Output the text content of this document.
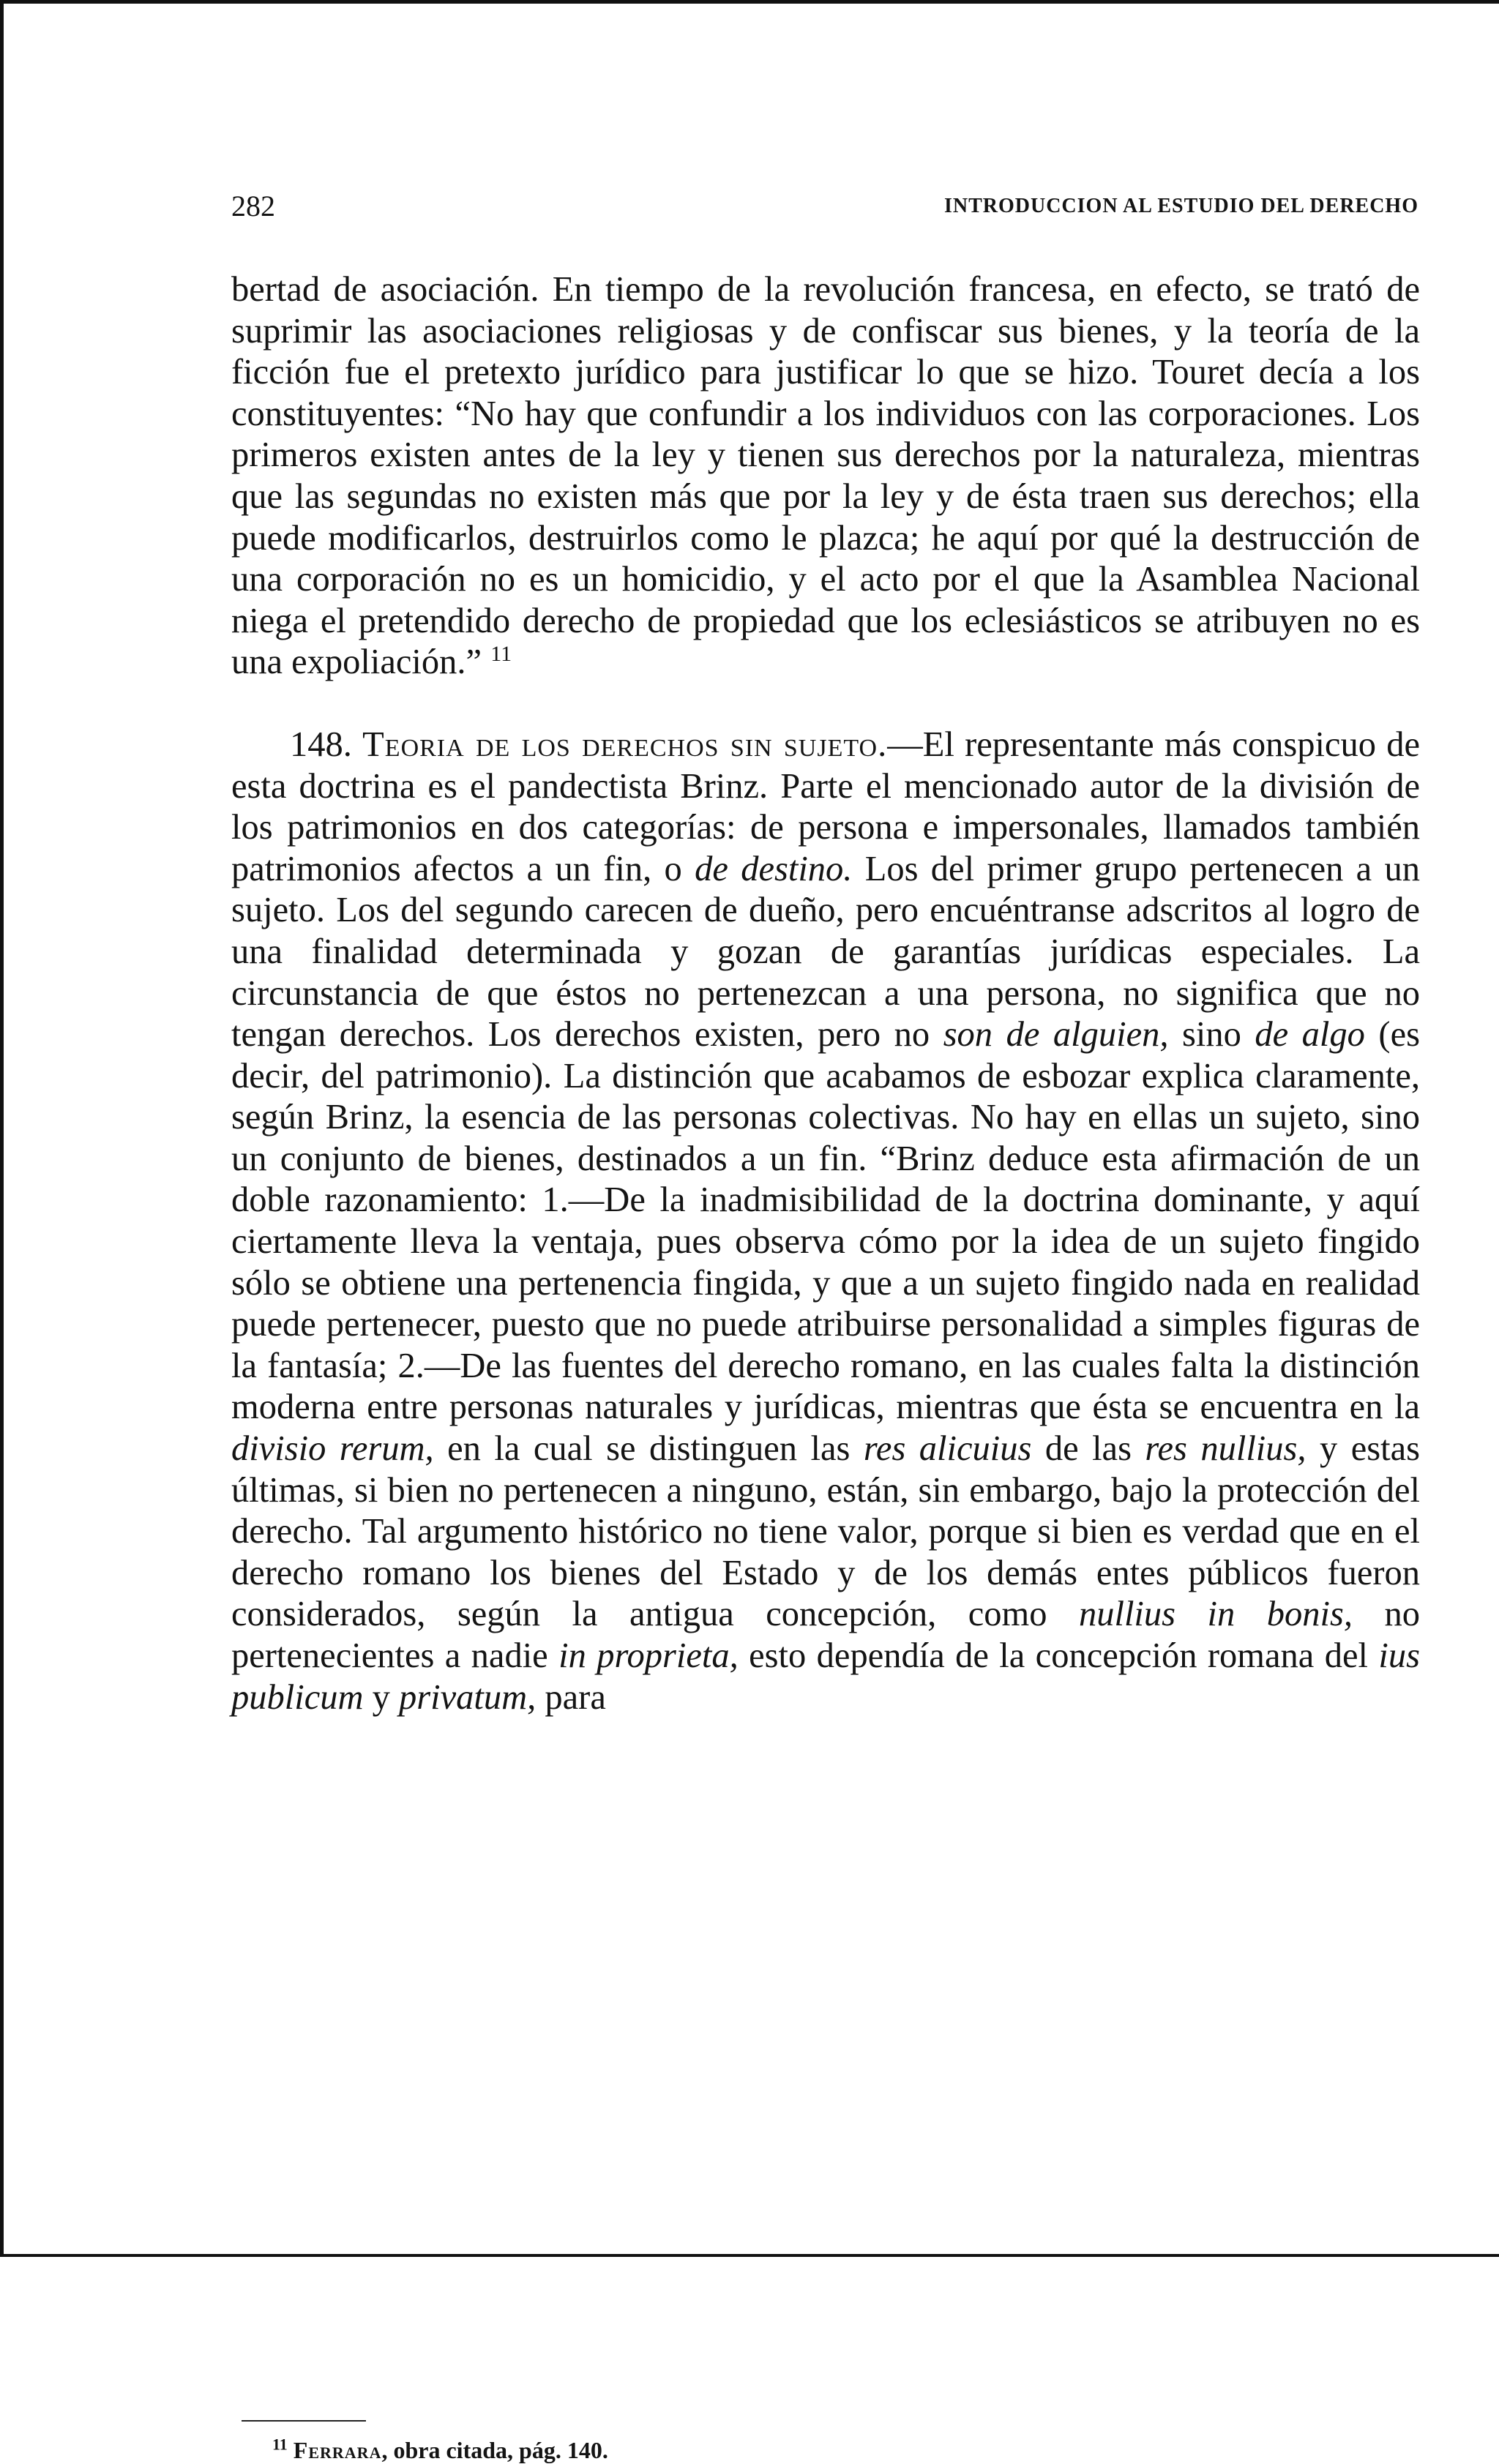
282	INTRODUCCION AL ESTUDIO DEL DERECHO

bertad de asociación. En tiempo de la revolución francesa, en efecto, se trató de suprimir las asociaciones religiosas y de confiscar sus bienes, y la teoría de la ficción fue el pretexto jurídico para justificar lo que se hizo. Touret decía a los constituyentes: “No hay que confundir a los individuos con las corporaciones. Los primeros existen antes de la ley y tienen sus derechos por la naturaleza, mientras que las segundas no existen más que por la ley y de ésta traen sus derechos; ella puede modificarlos, destruirlos como le plazca; he aquí por qué la destrucción de una corporación no es un homicidio, y el acto por el que la Asamblea Nacional niega el pretendido derecho de propiedad que los eclesiásticos se atribuyen no es una expoliación.” $^{11}$

148. Teoria de los derechos sin sujeto.—El representante más conspicuo de esta doctrina es el pandectista Brinz. Parte el mencionado autor de la división de los patrimonios en dos categorías: de persona e impersonales, llamados también patrimonios afectos a un fin, o de destino. Los del primer grupo pertenecen a un sujeto. Los del segundo carecen de dueño, pero encuéntranse adscritos al logro de una finalidad determinada y gozan de garantías jurídicas especiales. La circunstancia de que éstos no pertenezcan a una persona, no significa que no tengan derechos. Los derechos existen, pero no son de alguien, sino de algo (es decir, del patrimonio). La distinción que acabamos de esbozar explica claramente, según Brinz, la esencia de las personas colectivas. No hay en ellas un sujeto, sino un conjunto de bienes, destinados a un fin. “Brinz deduce esta afirmación de un doble razonamiento: 1.—De la inadmisibilidad de la doctrina dominante, y aquí ciertamente lleva la ventaja, pues observa cómo por la idea de un sujeto fingido sólo se obtiene una pertenencia fingida, y que a un sujeto fingido nada en realidad puede pertenecer, puesto que no puede atribuirse personalidad a simples figuras de la fantasía; 2.—De las fuentes del derecho romano, en las cuales falta la distinción moderna entre personas naturales y jurídicas, mientras que ésta se encuentra en la divisio rerum, en la cual se distinguen las res alicuius de las res nullius, y estas últimas, si bien no pertenecen a ninguno, están, sin embargo, bajo la protección del derecho. Tal argumento histórico no tiene valor, porque si bien es verdad que en el derecho romano los bienes del Estado y de los demás entes públicos fueron considerados, según la antigua concepción, como nullius in bonis, no pertenecientes a nadie in proprieta, esto dependía de la concepción romana del ius publicum y privatum, para

$^{11}$ Ferrara, obra citada, pág. 140.
